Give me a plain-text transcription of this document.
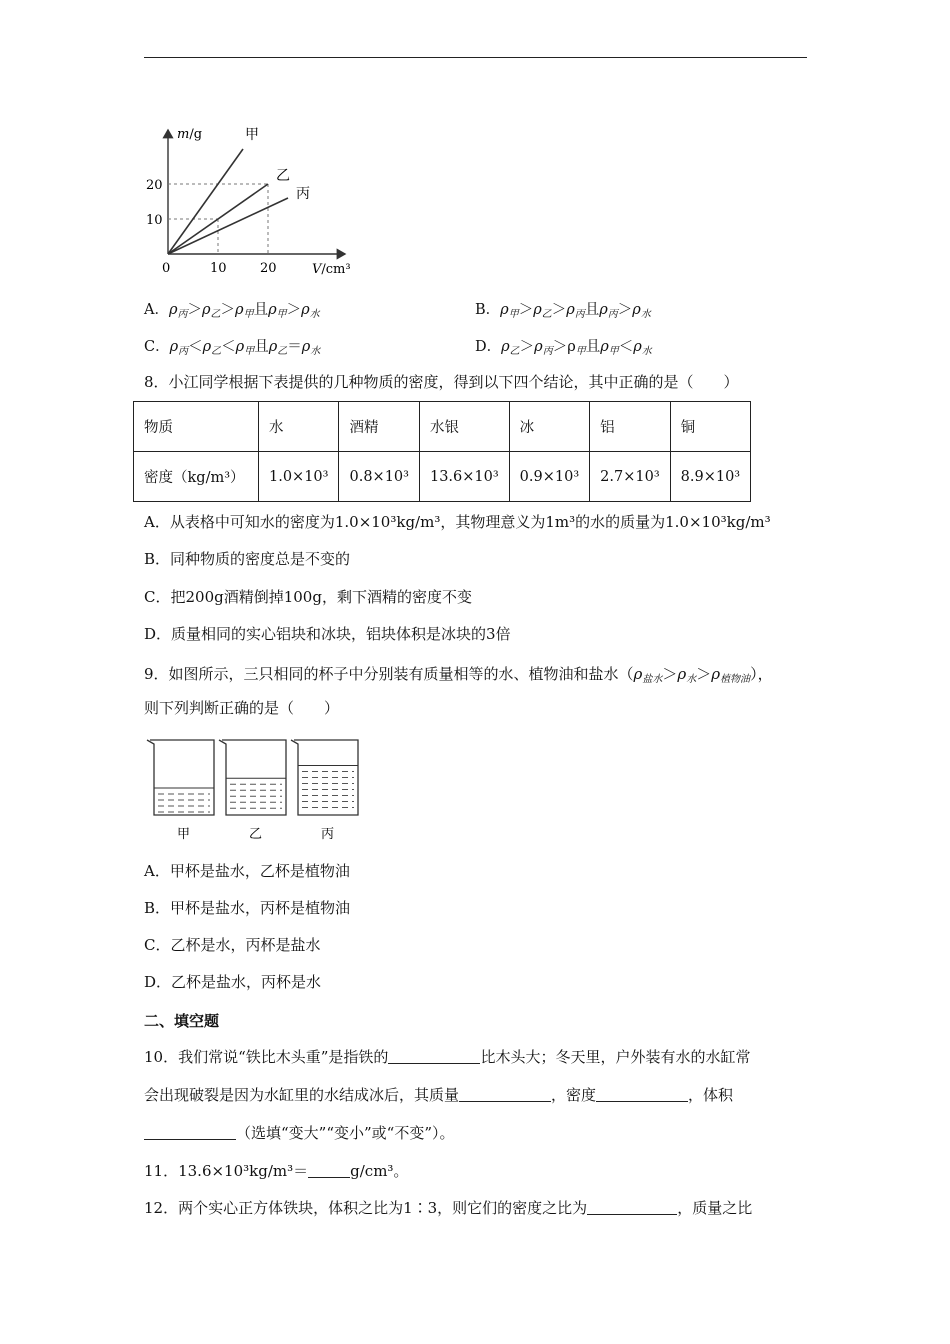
甲
乙
丙
m/g
V/cm³
0	10	20
10
20
A．$\rho_丙>\rho_乙>\rho_甲$且$\rho_甲>\rho_水$	B．$\rho_甲>\rho_乙>\rho_丙$且$\rho_丙>\rho_水$
C．$\rho_丙<\rho_乙<\rho_甲$且$\rho_乙=\rho_水$	D．$\rho_乙>\rho_丙>\rho_甲$且$\rho_甲<\rho_水$
8．小江同学根据下表提供的几种物质的密度，得到以下四个结论，其中正确的是（　　）
物质	水	酒精	水银	冰	铝	铜
密度（kg/m³）	1.0×10³	0.8×10³	13.6×10³	0.9×10³	2.7×10³	8.9×10³
A．从表格中可知水的密度为1.0×10³kg/m³，其物理意义为1m³的水的质量为1.0×10³kg/m³
B．同种物质的密度总是不变的
C．把200g酒精倒掉100g，剩下酒精的密度不变
D．质量相同的实心铝块和冰块，铝块体积是冰块的3倍
9．如图所示，三只相同的杯子中分别装有质量相等的水、植物油和盐水$(\rho_{盐水}>\rho_水>\rho_{植物油})$，
则下列判断正确的是（　　）
甲	乙	丙
A．甲杯是盐水，乙杯是植物油
B．甲杯是盐水，丙杯是植物油
C．乙杯是水，丙杯是盐水
D．乙杯是盐水，丙杯是水
二、填空题
10．我们常说“铁比木头重”是指铁的	比木头大；冬天里，户外装有水的水缸常
会出现破裂是因为水缸里的水结成冰后，其质量	，密度	，体积
（选填“变大”“变小”或“不变”）。
11．13.6×10³kg/m³＝	g/cm³。
12．两个实心正方体铁块，体积之比为1∶3，则它们的密度之比为	，质量之比
